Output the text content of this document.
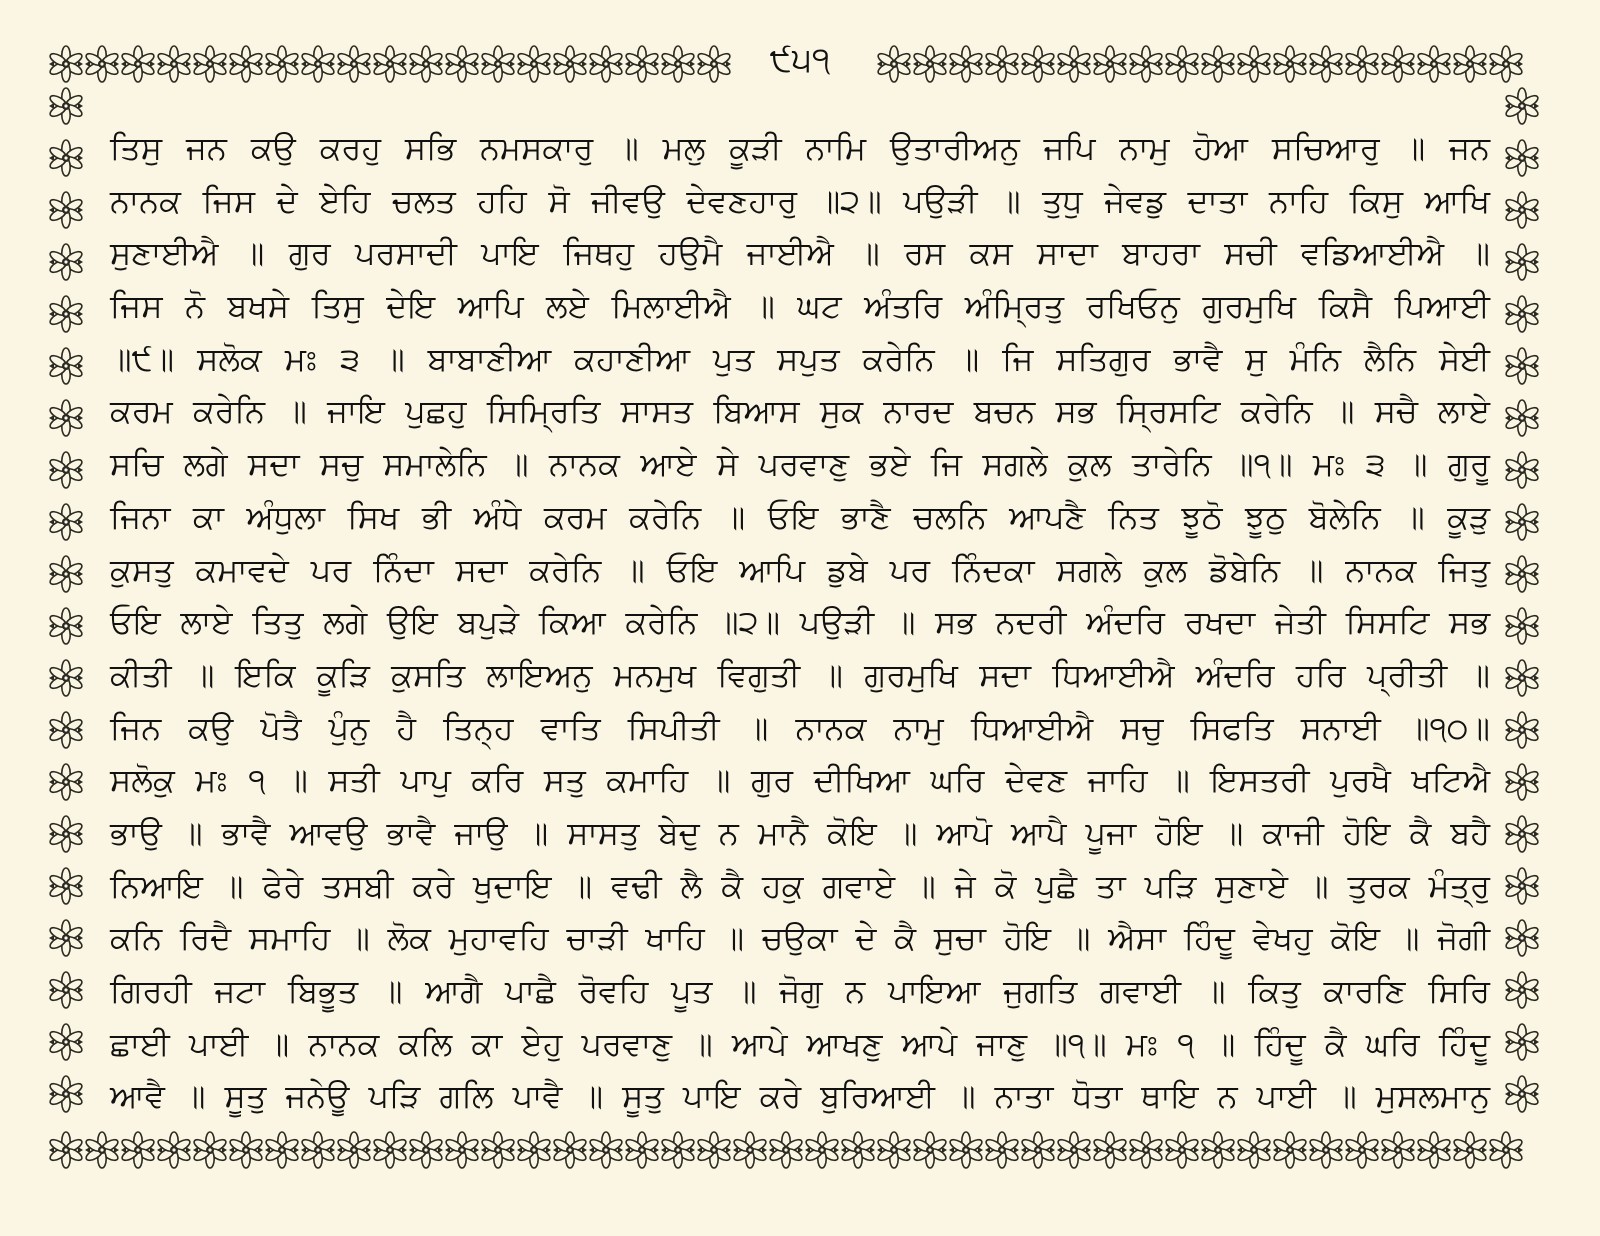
੯੫੧
ਤਿਸੁ ਜਨ ਕਉ ਕਰਹੁ ਸਭਿ ਨਮਸਕਾਰੁ ॥ ਮਲੁ ਕੂੜੀ ਨਾਮਿ ਉਤਾਰੀਅਨੁ ਜਪਿ ਨਾਮੁ ਹੋਆ ਸਚਿਆਰੁ ॥ ਜਨ
ਨਾਨਕ ਜਿਸ ਦੇ ਏਹਿ ਚਲਤ ਹਹਿ ਸੋ ਜੀਵਉ ਦੇਵਣਹਾਰੁ ॥੨॥ ਪਉੜੀ ॥ ਤੁਧੁ ਜੇਵਡੁ ਦਾਤਾ ਨਾਹਿ ਕਿਸੁ ਆਖਿ
ਸੁਣਾਈਐ ॥ ਗੁਰ ਪਰਸਾਦੀ ਪਾਇ ਜਿਥਹੁ ਹਉਮੈ ਜਾਈਐ ॥ ਰਸ ਕਸ ਸਾਦਾ ਬਾਹਰਾ ਸਚੀ ਵਡਿਆਈਐ ॥
ਜਿਸ ਨੋ ਬਖਸੇ ਤਿਸੁ ਦੇਇ ਆਪਿ ਲਏ ਮਿਲਾਈਐ ॥ ਘਟ ਅੰਤਰਿ ਅੰਮ੍ਰਿਤੁ ਰਖਿਓਨੁ ਗੁਰਮੁਖਿ ਕਿਸੈ ਪਿਆਈ
॥੯॥ ਸਲੋਕ ਮਃ ੩ ॥ ਬਾਬਾਣੀਆ ਕਹਾਣੀਆ ਪੁਤ ਸਪੁਤ ਕਰੇਨਿ ॥ ਜਿ ਸਤਿਗੁਰ ਭਾਵੈ ਸੁ ਮੰਨਿ ਲੈਨਿ ਸੇਈ
ਕਰਮ ਕਰੇਨਿ ॥ ਜਾਇ ਪੁਛਹੁ ਸਿਮ੍ਰਿਤਿ ਸਾਸਤ ਬਿਆਸ ਸੁਕ ਨਾਰਦ ਬਚਨ ਸਭ ਸ੍ਰਿਸਟਿ ਕਰੇਨਿ ॥ ਸਚੈ ਲਾਏ
ਸਚਿ ਲਗੇ ਸਦਾ ਸਚੁ ਸਮਾਲੇਨਿ ॥ ਨਾਨਕ ਆਏ ਸੇ ਪਰਵਾਣੁ ਭਏ ਜਿ ਸਗਲੇ ਕੁਲ ਤਾਰੇਨਿ ॥੧॥ ਮਃ ੩ ॥ ਗੁਰੂ
ਜਿਨਾ ਕਾ ਅੰਧੁਲਾ ਸਿਖ ਭੀ ਅੰਧੇ ਕਰਮ ਕਰੇਨਿ ॥ ਓਇ ਭਾਣੈ ਚਲਨਿ ਆਪਣੈ ਨਿਤ ਝੂਠੋ ਝੂਠੁ ਬੋਲੇਨਿ ॥ ਕੂੜੁ
ਕੁਸਤੁ ਕਮਾਵਦੇ ਪਰ ਨਿੰਦਾ ਸਦਾ ਕਰੇਨਿ ॥ ਓਇ ਆਪਿ ਡੁਬੇ ਪਰ ਨਿੰਦਕਾ ਸਗਲੇ ਕੁਲ ਡੋਬੇਨਿ ॥ ਨਾਨਕ ਜਿਤੁ
ਓਇ ਲਾਏ ਤਿਤੁ ਲਗੇ ਉਇ ਬਪੁੜੇ ਕਿਆ ਕਰੇਨਿ ॥੨॥ ਪਉੜੀ ॥ ਸਭ ਨਦਰੀ ਅੰਦਰਿ ਰਖਦਾ ਜੇਤੀ ਸਿਸਟਿ ਸਭ
ਕੀਤੀ ॥ ਇਕਿ ਕੂੜਿ ਕੁਸਤਿ ਲਾਇਅਨੁ ਮਨਮੁਖ ਵਿਗੁਤੀ ॥ ਗੁਰਮੁਖਿ ਸਦਾ ਧਿਆਈਐ ਅੰਦਰਿ ਹਰਿ ਪ੍ਰੀਤੀ ॥
ਜਿਨ ਕਉ ਪੋਤੈ ਪੁੰਨੁ ਹੈ ਤਿਨ੍ਹ ਵਾਤਿ ਸਿਪੀਤੀ ॥ ਨਾਨਕ ਨਾਮੁ ਧਿਆਈਐ ਸਚੁ ਸਿਫਤਿ ਸਨਾਈ ॥੧੦॥
ਸਲੋਕੁ ਮਃ ੧ ॥ ਸਤੀ ਪਾਪੁ ਕਰਿ ਸਤੁ ਕਮਾਹਿ ॥ ਗੁਰ ਦੀਖਿਆ ਘਰਿ ਦੇਵਣ ਜਾਹਿ ॥ ਇਸਤਰੀ ਪੁਰਖੈ ਖਟਿਐ
ਭਾਉ ॥ ਭਾਵੈ ਆਵਉ ਭਾਵੈ ਜਾਉ ॥ ਸਾਸਤੁ ਬੇਦੁ ਨ ਮਾਨੈ ਕੋਇ ॥ ਆਪੋ ਆਪੈ ਪੂਜਾ ਹੋਇ ॥ ਕਾਜੀ ਹੋਇ ਕੈ ਬਹੈ
ਨਿਆਇ ॥ ਫੇਰੇ ਤਸਬੀ ਕਰੇ ਖੁਦਾਇ ॥ ਵਢੀ ਲੈ ਕੈ ਹਕੁ ਗਵਾਏ ॥ ਜੇ ਕੋ ਪੁਛੈ ਤਾ ਪੜਿ ਸੁਣਾਏ ॥ ਤੁਰਕ ਮੰਤ੍ਰੁ
ਕਨਿ ਰਿਦੈ ਸਮਾਹਿ ॥ ਲੋਕ ਮੁਹਾਵਹਿ ਚਾੜੀ ਖਾਹਿ ॥ ਚਉਕਾ ਦੇ ਕੈ ਸੁਚਾ ਹੋਇ ॥ ਐਸਾ ਹਿੰਦੂ ਵੇਖਹੁ ਕੋਇ ॥ ਜੋਗੀ
ਗਿਰਹੀ ਜਟਾ ਬਿਭੂਤ ॥ ਆਗੈ ਪਾਛੈ ਰੋਵਹਿ ਪੂਤ ॥ ਜੋਗੁ ਨ ਪਾਇਆ ਜੁਗਤਿ ਗਵਾਈ ॥ ਕਿਤੁ ਕਾਰਣਿ ਸਿਰਿ
ਛਾਈ ਪਾਈ ॥ ਨਾਨਕ ਕਲਿ ਕਾ ਏਹੁ ਪਰਵਾਣੁ ॥ ਆਪੇ ਆਖਣੁ ਆਪੇ ਜਾਣੁ ॥੧॥ ਮਃ ੧ ॥ ਹਿੰਦੂ ਕੈ ਘਰਿ ਹਿੰਦੂ
ਆਵੈ ॥ ਸੂਤੁ ਜਨੇਊ ਪੜਿ ਗਲਿ ਪਾਵੈ ॥ ਸੂਤੁ ਪਾਇ ਕਰੇ ਬੁਰਿਆਈ ॥ ਨਾਤਾ ਧੋਤਾ ਥਾਇ ਨ ਪਾਈ ॥ ਮੁਸਲਮਾਨੁ
